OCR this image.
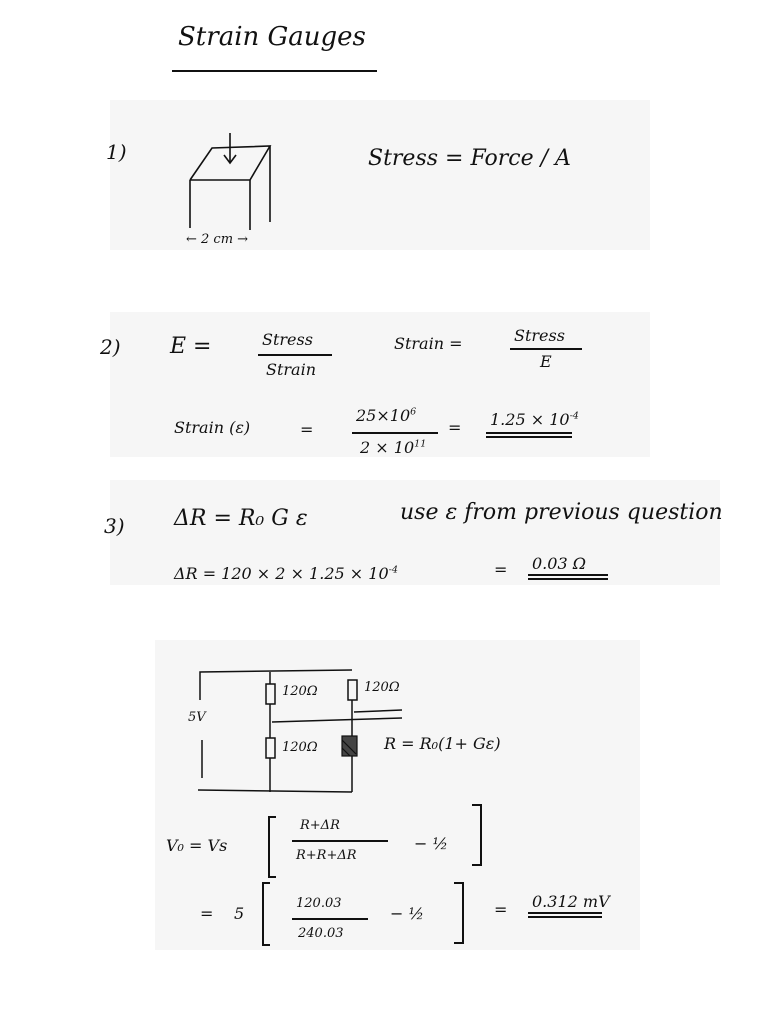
Strain Gauges
1)
← 2 cm →
Stress = Force / A
2) E =	Stress
Strain
Strain =	Stress
E
Strain (ε)	=
$25\times 10^6$
$2 \times 10^{11}$
= $1.25 \times 10^{-4}$
3) ΔR = R₀ G ε	use ε from previous question
$\Delta R = 120 \times 2 \times 1.25 \times 10^{-4}$	= 0.03 Ω
5V
120Ω	120Ω
120Ω	R = R₀(1+ Gε)
V₀ = Vs
R+ΔR
R+R+ΔR
− ½
= 5
120.03
240.03
− ½	= 0.312 mV
